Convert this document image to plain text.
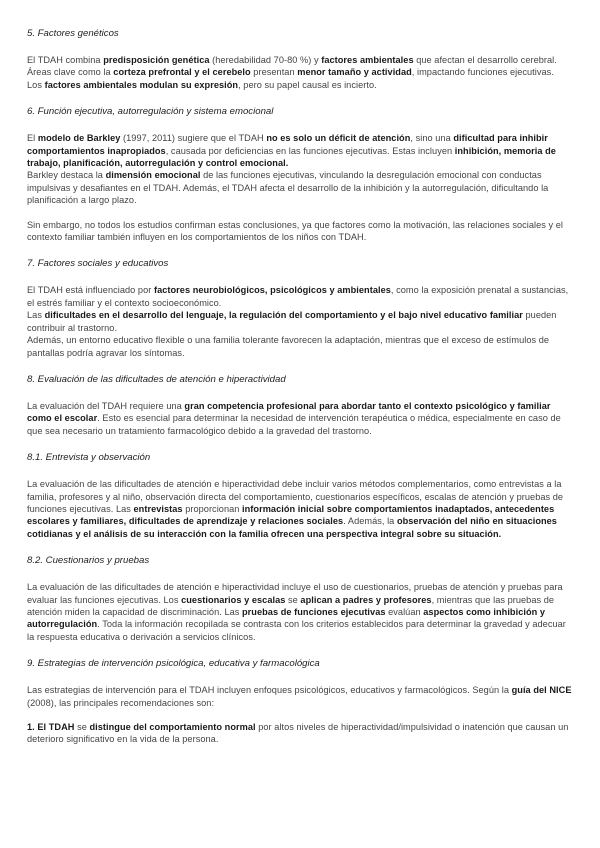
5. Factores genéticos

El TDAH combina predisposición genética (heredabilidad 70-80 %) y factores ambientales que afectan el desarrollo cerebral.

Áreas clave como la corteza prefrontal y el cerebelo presentan menor tamaño y actividad, impactando funciones ejecutivas.

Los factores ambientales modulan su expresión, pero su papel causal es incierto.

6. Función ejecutiva, autorregulación y sistema emocional

El modelo de Barkley (1997, 2011) sugiere que el TDAH no es solo un déficit de atención, sino una dificultad para inhibir comportamientos inapropiados, causada por deficiencias en las funciones ejecutivas. Estas incluyen inhibición, memoria de trabajo, planificación, autorregulación y control emocional.

Barkley destaca la dimensión emocional de las funciones ejecutivas, vinculando la desregulación emocional con conductas impulsivas y desafiantes en el TDAH. Además, el TDAH afecta el desarrollo de la inhibición y la autorregulación, dificultando la planificación a largo plazo.

Sin embargo, no todos los estudios confirman estas conclusiones, ya que factores como la motivación, las relaciones sociales y el contexto familiar también influyen en los comportamientos de los niños con TDAH.

7. Factores sociales y educativos

El TDAH está influenciado por factores neurobiológicos, psicológicos y ambientales, como la exposición prenatal a sustancias, el estrés familiar y el contexto socioeconómico.

Las dificultades en el desarrollo del lenguaje, la regulación del comportamiento y el bajo nivel educativo familiar pueden contribuir al trastorno.

Además, un entorno educativo flexible o una familia tolerante favorecen la adaptación, mientras que el exceso de estímulos de pantallas podría agravar los síntomas.

8. Evaluación de las dificultades de atención e hiperactividad

La evaluación del TDAH requiere una gran competencia profesional para abordar tanto el contexto psicológico y familiar como el escolar. Esto es esencial para determinar la necesidad de intervención terapéutica o médica, especialmente en caso de que sea necesario un tratamiento farmacológico debido a la gravedad del trastorno.

8.1. Entrevista y observación

La evaluación de las dificultades de atención e hiperactividad debe incluir varios métodos complementarios, como entrevistas a la familia, profesores y al niño, observación directa del comportamiento, cuestionarios específicos, escalas de atención y pruebas de funciones ejecutivas. Las entrevistas proporcionan información inicial sobre comportamientos inadaptados, antecedentes escolares y familiares, dificultades de aprendizaje y relaciones sociales. Además, la observación del niño en situaciones cotidianas y el análisis de su interacción con la familia ofrecen una perspectiva integral sobre su situación.

8.2. Cuestionarios y pruebas

La evaluación de las dificultades de atención e hiperactividad incluye el uso de cuestionarios, pruebas de atención y pruebas para evaluar las funciones ejecutivas. Los cuestionarios y escalas se aplican a padres y profesores, mientras que las pruebas de atención miden la capacidad de discriminación. Las pruebas de funciones ejecutivas evalúan aspectos como inhibición y autorregulación. Toda la información recopilada se contrasta con los criterios establecidos para determinar la gravedad y adecuar la respuesta educativa o derivación a servicios clínicos.

9. Estrategias de intervención psicológica, educativa y farmacológica

Las estrategias de intervención para el TDAH incluyen enfoques psicológicos, educativos y farmacológicos. Según la guía del NICE (2008), las principales recomendaciones son:

1. El TDAH se distingue del comportamiento normal por altos niveles de hiperactividad/impulsividad o inatención que causan un deterioro significativo en la vida de la persona.
